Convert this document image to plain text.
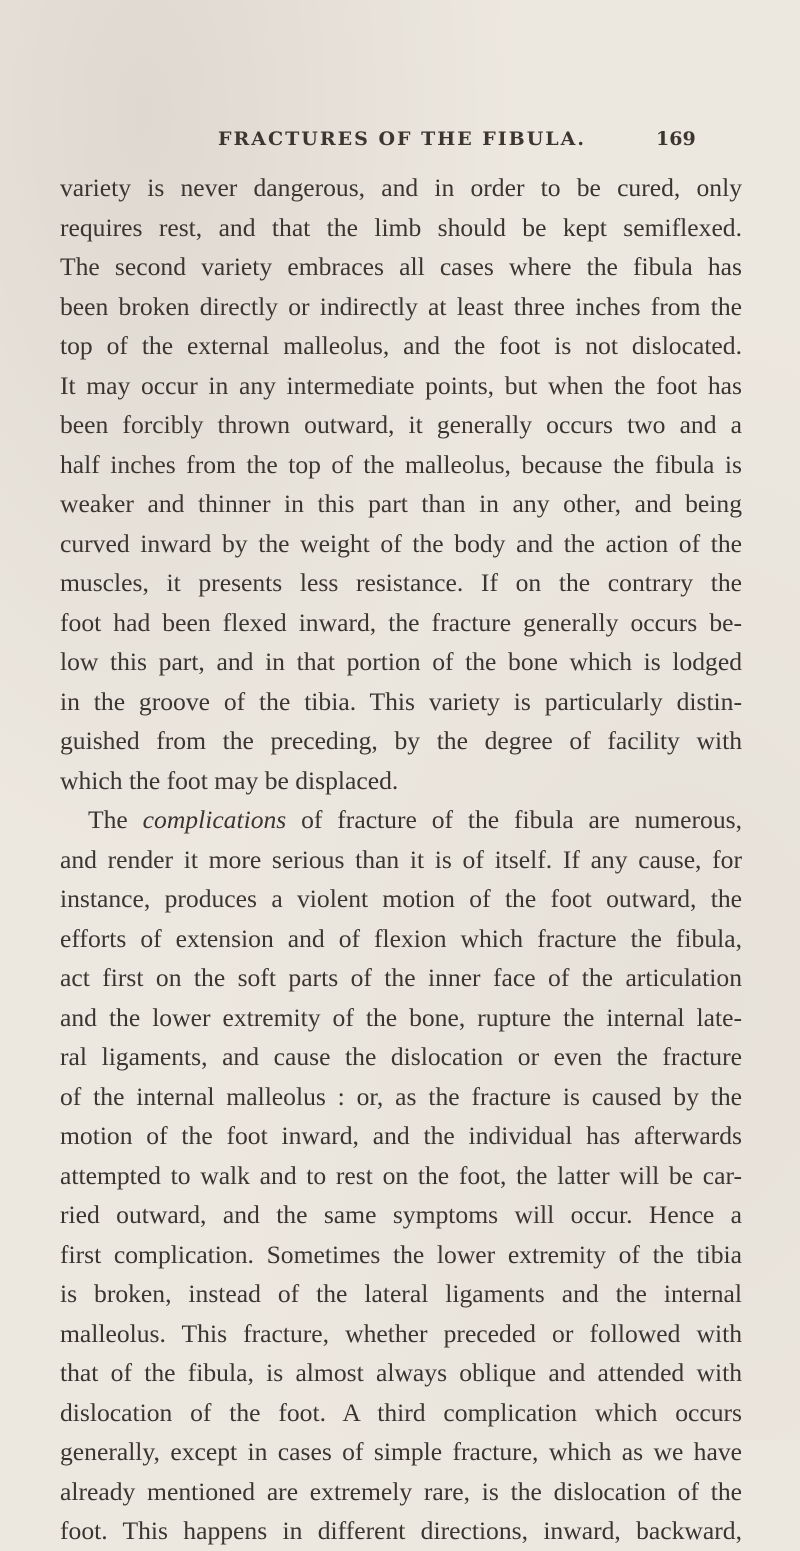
FRACTURES OF THE FIBULA.	169
variety is never dangerous, and in order to be cured, only
requires rest, and that the limb should be kept semiflexed.
The second variety embraces all cases where the fibula has
been broken directly or indirectly at least three inches from the
top of the external malleolus, and the foot is not dislocated.
It may occur in any intermediate points, but when the foot has
been forcibly thrown outward, it generally occurs two and a
half inches from the top of the malleolus, because the fibula is
weaker and thinner in this part than in any other, and being
curved inward by the weight of the body and the action of the
muscles, it presents less resistance. If on the contrary the
foot had been flexed inward, the fracture generally occurs be-
low this part, and in that portion of the bone which is lodged
in the groove of the tibia. This variety is particularly distin-
guished from the preceding, by the degree of facility with
which the foot may be displaced.
The complications of fracture of the fibula are numerous,
and render it more serious than it is of itself. If any cause, for
instance, produces a violent motion of the foot outward, the
efforts of extension and of flexion which fracture the fibula,
act first on the soft parts of the inner face of the articulation
and the lower extremity of the bone, rupture the internal late-
ral ligaments, and cause the dislocation or even the fracture
of the internal malleolus : or, as the fracture is caused by the
motion of the foot inward, and the individual has afterwards
attempted to walk and to rest on the foot, the latter will be car-
ried outward, and the same symptoms will occur. Hence a
first complication. Sometimes the lower extremity of the tibia
is broken, instead of the lateral ligaments and the internal
malleolus. This fracture, whether preceded or followed with
that of the fibula, is almost always oblique and attended with
dislocation of the foot. A third complication which occurs
generally, except in cases of simple fracture, which as we have
already mentioned are extremely rare, is the dislocation of the
foot. This happens in different directions, inward, backward,
